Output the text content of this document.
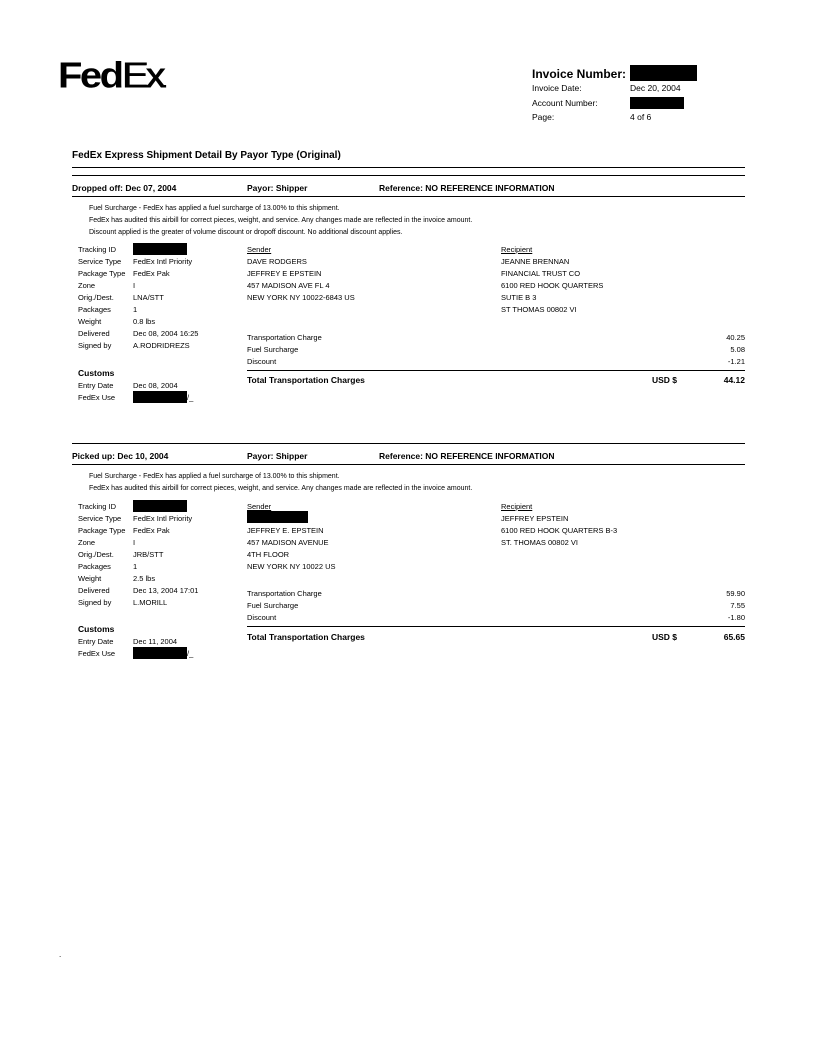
FedEx.	Invoice Number:
Invoice Date:	Dec 20, 2004
Account Number:
Page:	4 of 6
FedEx Express Shipment Detail By Payor Type (Original)
Dropped off: Dec 07, 2004	Payor: Shipper	Reference: NO REFERENCE INFORMATION
Fuel Surcharge - FedEx has applied a fuel surcharge of 13.00% to this shipment.
FedEx has audited this airbill for correct pieces, weight, and service. Any changes made are reflected in the invoice amount.
Discount applied is the greater of volume discount or dropoff discount. No additional discount applies.
Tracking ID
Service Type FedEx Intl Priority
Package Type FedEx Pak
Zone	I
Orig./Dest.	LNA/STT
Packages	1
Weight	0.8 lbs
Delivered	Dec 08, 2004 16:25
Signed by	A.RODRIDREZS
Sender
DAVE RODGERS
JEFFREY E EPSTEIN
457 MADISON AVE FL 4
NEW YORK NY 10022-6843 US
Recipient
JEANNE BRENNAN
FINANCIAL TRUST CO
6100 RED HOOK QUARTERS
SUTIE B 3
ST THOMAS 00802 VI
Transportation Charge	40.25
Fuel Surcharge	5.08
Discount	-1.21
Total Transportation Charges	USD $	44.12
Customs
Entry Date	Dec 08, 2004
FedEx Use	/_
Picked up: Dec 10, 2004	Payor: Shipper	Reference: NO REFERENCE INFORMATION
Fuel Surcharge - FedEx has applied a fuel surcharge of 13.00% to this shipment.
FedEx has audited this airbill for correct pieces, weight, and service. Any changes made are reflected in the invoice amount.
Tracking ID
Service Type FedEx Intl Priority
Package Type FedEx Pak
Zone	I
Orig./Dest.	JRB/STT
Packages	1
Weight	2.5 lbs
Delivered	Dec 13, 2004 17:01
Signed by	L.MORILL
Sender
JEFFREY E. EPSTEIN
457 MADISON AVENUE
4TH FLOOR
NEW YORK NY 10022 US
Recipient
JEFFREY EPSTEIN
6100 RED HOOK QUARTERS B-3
ST. THOMAS 00802 VI
Transportation Charge	59.90
Fuel Surcharge	7.55
Discount	-1.80
Total Transportation Charges	USD $	65.65
Customs
Entry Date	Dec 11, 2004
FedEx Use	/_
.
